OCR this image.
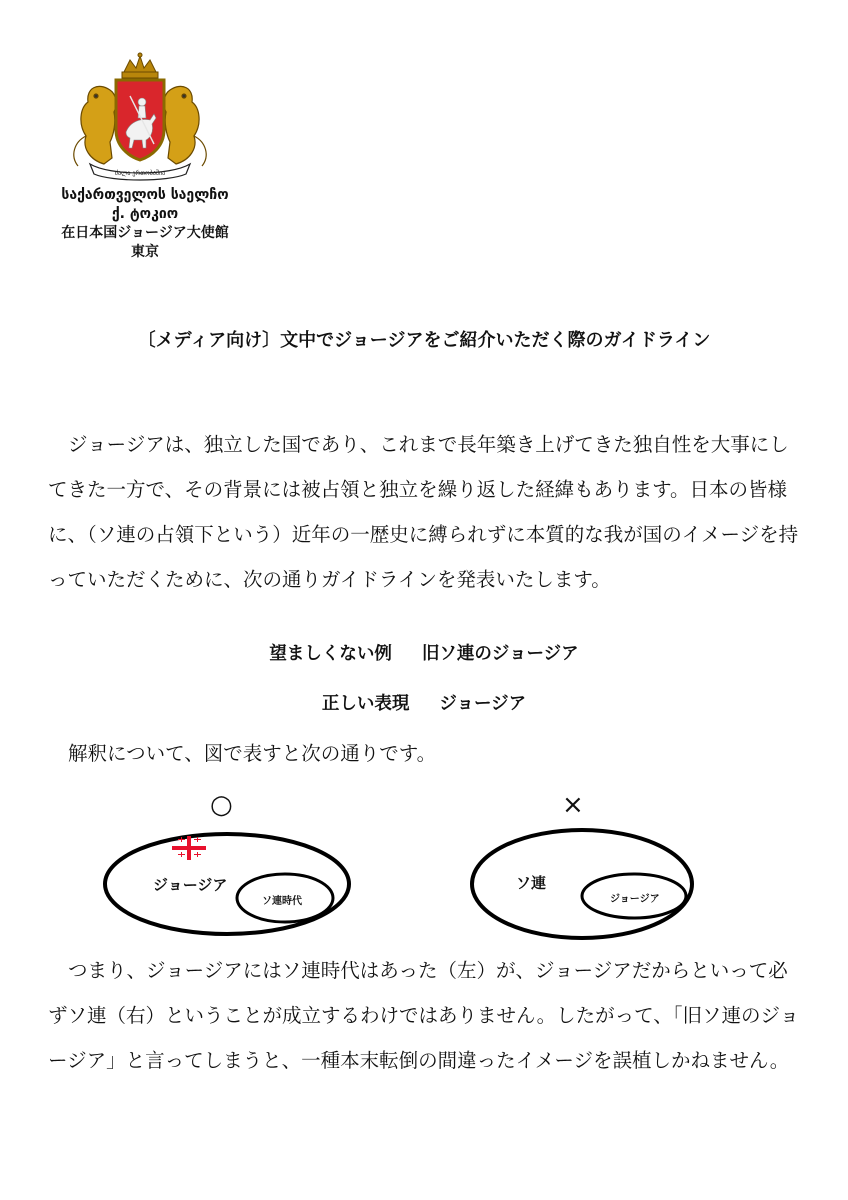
ძალა ერთობაშია
საქართველოს საელჩო
ქ. ტოკიო
在日本国ジョージア大使館
東京
〔メディア向け〕文中でジョージアをご紹介いただく際のガイドライン
ジョージアは、独立した国であり、これまで長年築き上げてきた独自性を大事にしてきた一方で、その背景には被占領と独立を繰り返した経緯もあります。日本の皆様に、（ソ連の占領下という）近年の一歴史に縛られずに本質的な我が国のイメージを持っていただくために、次の通りガイドラインを発表いたします。
望ましくない例 旧ソ連のジョージア
正しい表現 ジョージア
解釈について、図で表すと次の通りです。
○
ジョージア
ソ連時代
×
ソ連
ジョージア
つまり、ジョージアにはソ連時代はあった（左）が、ジョージアだからといって必ずソ連（右）ということが成立するわけではありません。したがって、「旧ソ連のジョージア」と言ってしまうと、一種本末転倒の間違ったイメージを誤植しかねません。
